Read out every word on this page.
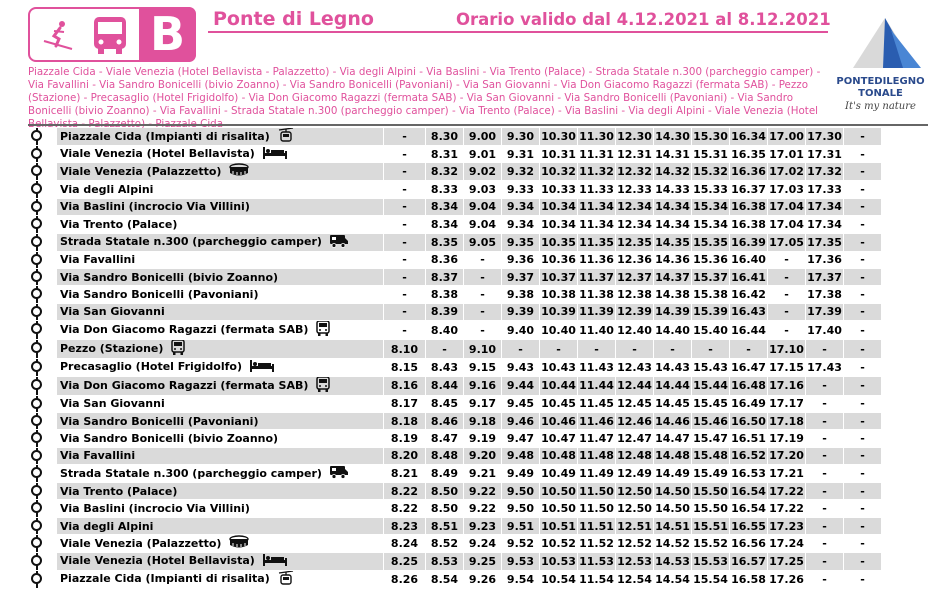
B	Ponte di Legno	Orario valido dal 4.12.2021 al 8.12.2021
Piazzale Cida - Viale Venezia (Hotel Bellavista - Palazzetto) - Via degli Alpini - Via Baslini - Via Trento (Palace) - Strada Statale n.300 (parcheggio camper) - Via Favallini - Via Sandro Bonicelli (bivio Zoanno) - Via Sandro Bonicelli (Pavoniani) - Via San Giovanni - Via Don Giacomo Ragazzi (fermata SAB) - Pezzo (Stazione) - Precasaglio (Hotel Frigidolfo) - Via Don Giacomo Ragazzi (fermata SAB) - Via San Giovanni - Via Sandro Bonicelli (Pavoniani) - Via Sandro Bonicelli (bivio Zoanno) - Via Favallini - Strada Statale n.300 (parcheggio camper) - Via Trento (Palace) - Via Baslini - Via degli Alpini - Viale Venezia (Hotel
PONTEDILEGNO
TONALE
It's my nature
	Piazzale Cida (Impianti di risalita)	-	8.30	9.00	9.30	10.30	11.30	12.30	14.30	15.30	16.34	17.00	17.30	-

	Viale Venezia (Hotel Bellavista)	-	8.31	9.01	9.31	10.31	11.31	12.31	14.31	15.31	16.35	17.01	17.31	-

	Viale Venezia (Palazzetto)	-	8.32	9.02	9.32	10.32	11.32	12.32	14.32	15.32	16.36	17.02	17.32	-

	Via degli Alpini	-	8.33	9.03	9.33	10.33	11.33	12.33	14.33	15.33	16.37	17.03	17.33	-

	Via Baslini (incrocio Via Villini)	-	8.34	9.04	9.34	10.34	11.34	12.34	14.34	15.34	16.38	17.04	17.34	-

	Via Trento (Palace)	-	8.34	9.04	9.34	10.34	11.34	12.34	14.34	15.34	16.38	17.04	17.34	-

	Strada Statale n.300 (parcheggio camper)	-	8.35	9.05	9.35	10.35	11.35	12.35	14.35	15.35	16.39	17.05	17.35	-

	Via Favallini	-	8.36	-	9.36	10.36	11.36	12.36	14.36	15.36	16.40	-	17.36	-

	Via Sandro Bonicelli (bivio Zoanno)	-	8.37	-	9.37	10.37	11.37	12.37	14.37	15.37	16.41	-	17.37	-

	Via Sandro Bonicelli (Pavoniani)	-	8.38	-	9.38	10.38	11.38	12.38	14.38	15.38	16.42	-	17.38	-

	Via San Giovanni	-	8.39	-	9.39	10.39	11.39	12.39	14.39	15.39	16.43	-	17.39	-

	Via Don Giacomo Ragazzi (fermata SAB)	-	8.40	-	9.40	10.40	11.40	12.40	14.40	15.40	16.44	-	17.40	-

	Pezzo (Stazione)	8.10	-	9.10	-	-	-	-	-	-	-	17.10	-	-

	Precasaglio (Hotel Frigidolfo)	8.15	8.43	9.15	9.43	10.43	11.43	12.43	14.43	15.43	16.47	17.15	17.43	-

	Via Don Giacomo Ragazzi (fermata SAB)	8.16	8.44	9.16	9.44	10.44	11.44	12.44	14.44	15.44	16.48	17.16	-	-

	Via San Giovanni	8.17	8.45	9.17	9.45	10.45	11.45	12.45	14.45	15.45	16.49	17.17	-	-

	Via Sandro Bonicelli (Pavoniani)	8.18	8.46	9.18	9.46	10.46	11.46	12.46	14.46	15.46	16.50	17.18	-	-

	Via Sandro Bonicelli (bivio Zoanno)	8.19	8.47	9.19	9.47	10.47	11.47	12.47	14.47	15.47	16.51	17.19	-	-

	Via Favallini	8.20	8.48	9.20	9.48	10.48	11.48	12.48	14.48	15.48	16.52	17.20	-	-

	Strada Statale n.300 (parcheggio camper)	8.21	8.49	9.21	9.49	10.49	11.49	12.49	14.49	15.49	16.53	17.21	-	-

	Via Trento (Palace)	8.22	8.50	9.22	9.50	10.50	11.50	12.50	14.50	15.50	16.54	17.22	-	-

	Via Baslini (incrocio Via Villini)	8.22	8.50	9.22	9.50	10.50	11.50	12.50	14.50	15.50	16.54	17.22	-	-

	Via degli Alpini	8.23	8.51	9.23	9.51	10.51	11.51	12.51	14.51	15.51	16.55	17.23	-	-

	Viale Venezia (Palazzetto)	8.24	8.52	9.24	9.52	10.52	11.52	12.52	14.52	15.52	16.56	17.24	-	-

	Viale Venezia (Hotel Bellavista)	8.25	8.53	9.25	9.53	10.53	11.53	12.53	14.53	15.53	16.57	17.25	-	-

	Piazzale Cida (Impianti di risalita)	8.26	8.54	9.26	9.54	10.54	11.54	12.54	14.54	15.54	16.58	17.26	-	-
